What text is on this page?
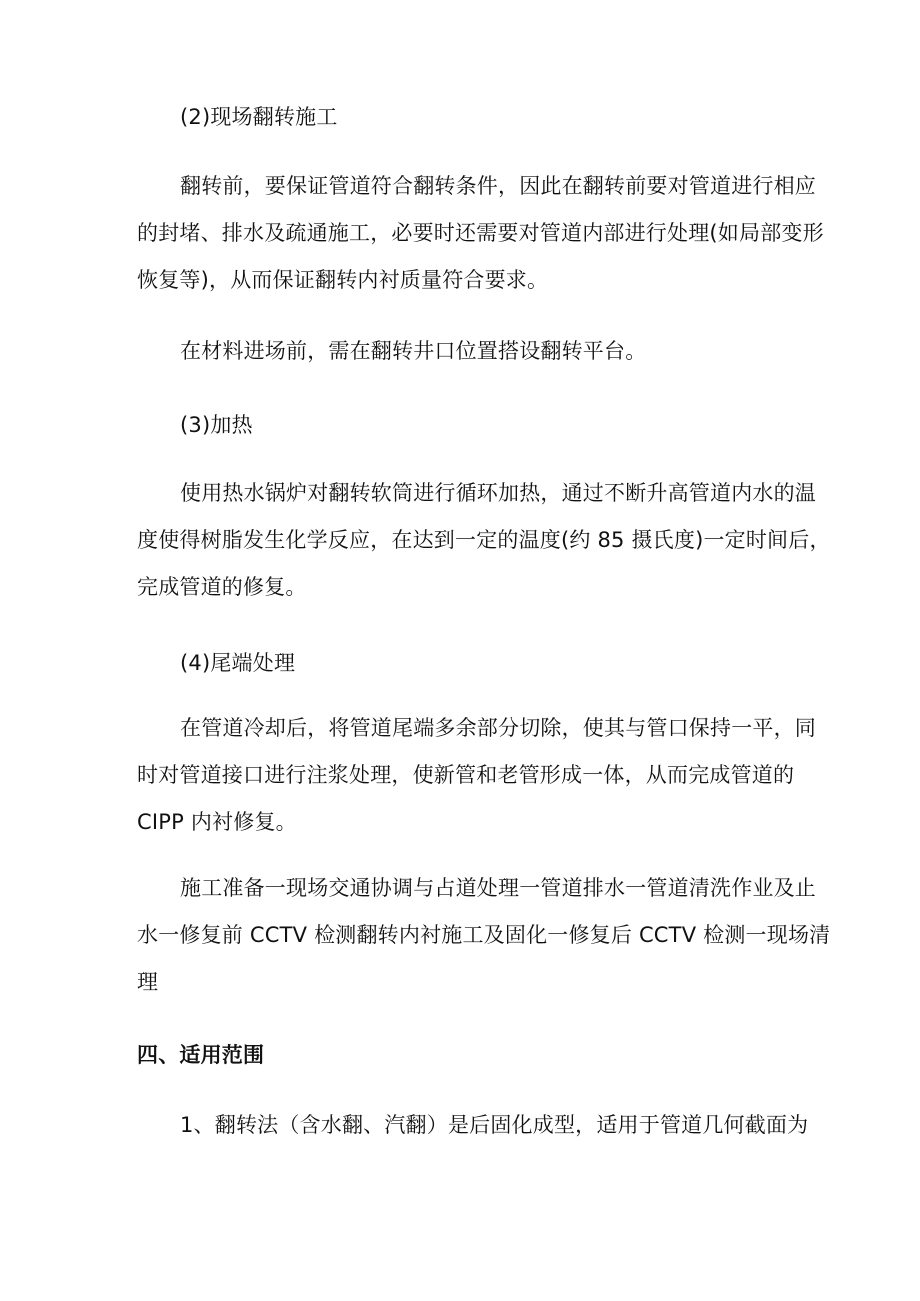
(2)现场翻转施工

翻转前，要保证管道符合翻转条件，因此在翻转前要对管道进行相应

的封堵、排水及疏通施工，必要时还需要对管道内部进行处理(如局部变形

恢复等)，从而保证翻转内衬质量符合要求。

在材料进场前，需在翻转井口位置搭设翻转平台。

(3)加热

使用热水锅炉对翻转软筒进行循环加热，通过不断升高管道内水的温

度使得树脂发生化学反应，在达到一定的温度(约 85 摄氏度)一定时间后，

完成管道的修复。

(4)尾端处理

在管道冷却后，将管道尾端多余部分切除，使其与管口保持一平，同

时对管道接口进行注浆处理，使新管和老管形成一体，从而完成管道的

CIPP 内衬修复。

施工准备一现场交通协调与占道处理一管道排水一管道清洗作业及止

水一修复前 CCTV 检测翻转内衬施工及固化一修复后 CCTV 检测一现场清

理

四、适用范围

1、翻转法（含水翻、汽翻）是后固化成型，适用于管道几何截面为
